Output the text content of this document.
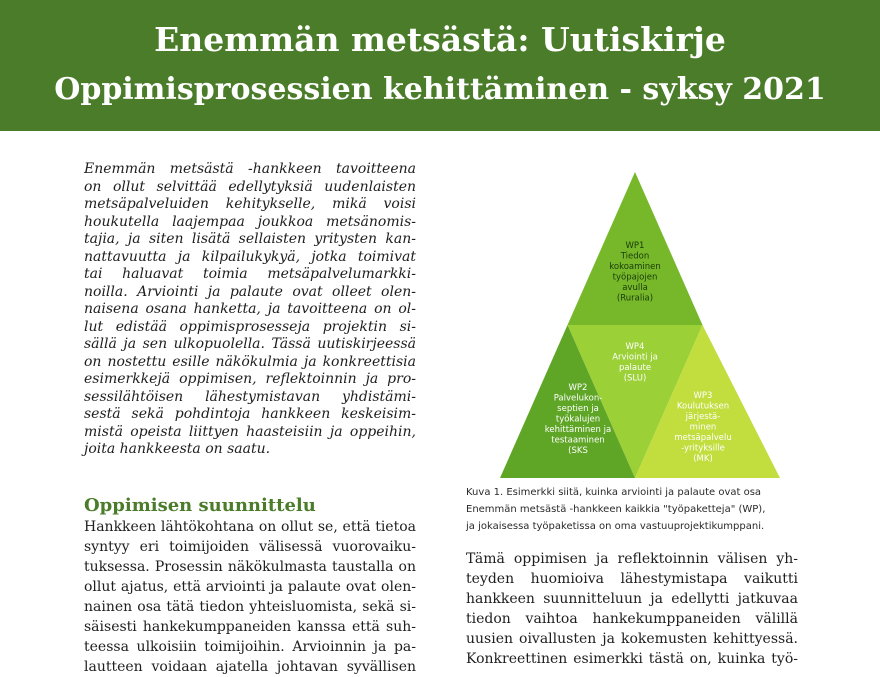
Enemmän metsästä: Uutiskirje
Oppimisprosessien kehittäminen - syksy 2021
Enemmän metsästä -hankkeen tavoitteena
on ollut selvittää edellytyksiä uudenlaisten
metsäpalveluiden kehitykselle, mikä voisi
houkutella laajempaa joukkoa metsänomis-
tajia, ja siten lisätä sellaisten yritysten kan-
nattavuutta ja kilpailukykyä, jotka toimivat
tai haluavat toimia metsäpalvelumarkki-
noilla. Arviointi ja palaute ovat olleet olen-
naisena osana hanketta, ja tavoitteena on ol-
lut edistää oppimisprosesseja projektin si-
sällä ja sen ulkopuolella. Tässä uutiskirjeessä
on nostettu esille näkökulmia ja konkreettisia
esimerkkejä oppimisen, reflektoinnin ja pro-
sessilähtöisen lähestymistavan yhdistämi-
sestä sekä pohdintoja hankkeen keskeisim-
mistä opeista liittyen haasteisiin ja oppeihin,
joita hankkeesta on saatu.
WP1
Tiedon
kokoaminen
työpajojen
avulla
(Ruralia)
WP4
Arviointi ja
palaute
(SLU)
WP2
Palvelukon-
septien ja
työkalujen
kehittäminen ja
testaaminen
(SKS
WP3
Koulutuksen
järjestä-
minen
metsäpalvelu
-yrityksille
(MK)
Kuva 1. Esimerkki siitä, kuinka arviointi ja palaute ovat osa
Enemmän metsästä -hankkeen kaikkia "työpaketteja" (WP),
ja jokaisessa työpaketissa on oma vastuuprojektikumppani.
Oppimisen suunnittelu
Hankkeen lähtökohtana on ollut se, että tietoa
syntyy eri toimijoiden välisessä vuorovaiku-
tuksessa. Prosessin näkökulmasta taustalla on
ollut ajatus, että arviointi ja palaute ovat olen-
nainen osa tätä tiedon yhteisluomista, sekä si-
säisesti hankekumppaneiden kanssa että suh-
teessa ulkoisiin toimijoihin. Arvioinnin ja pa-
lautteen voidaan ajatella johtavan syvällisen
Tämä oppimisen ja reflektoinnin välisen yh-
teyden huomioiva lähestymistapa vaikutti
hankkeen suunnitteluun ja edellytti jatkuvaa
tiedon vaihtoa hankekumppaneiden välillä
uusien oivallusten ja kokemusten kehittyessä.
Konkreettinen esimerkki tästä on, kuinka työ-
